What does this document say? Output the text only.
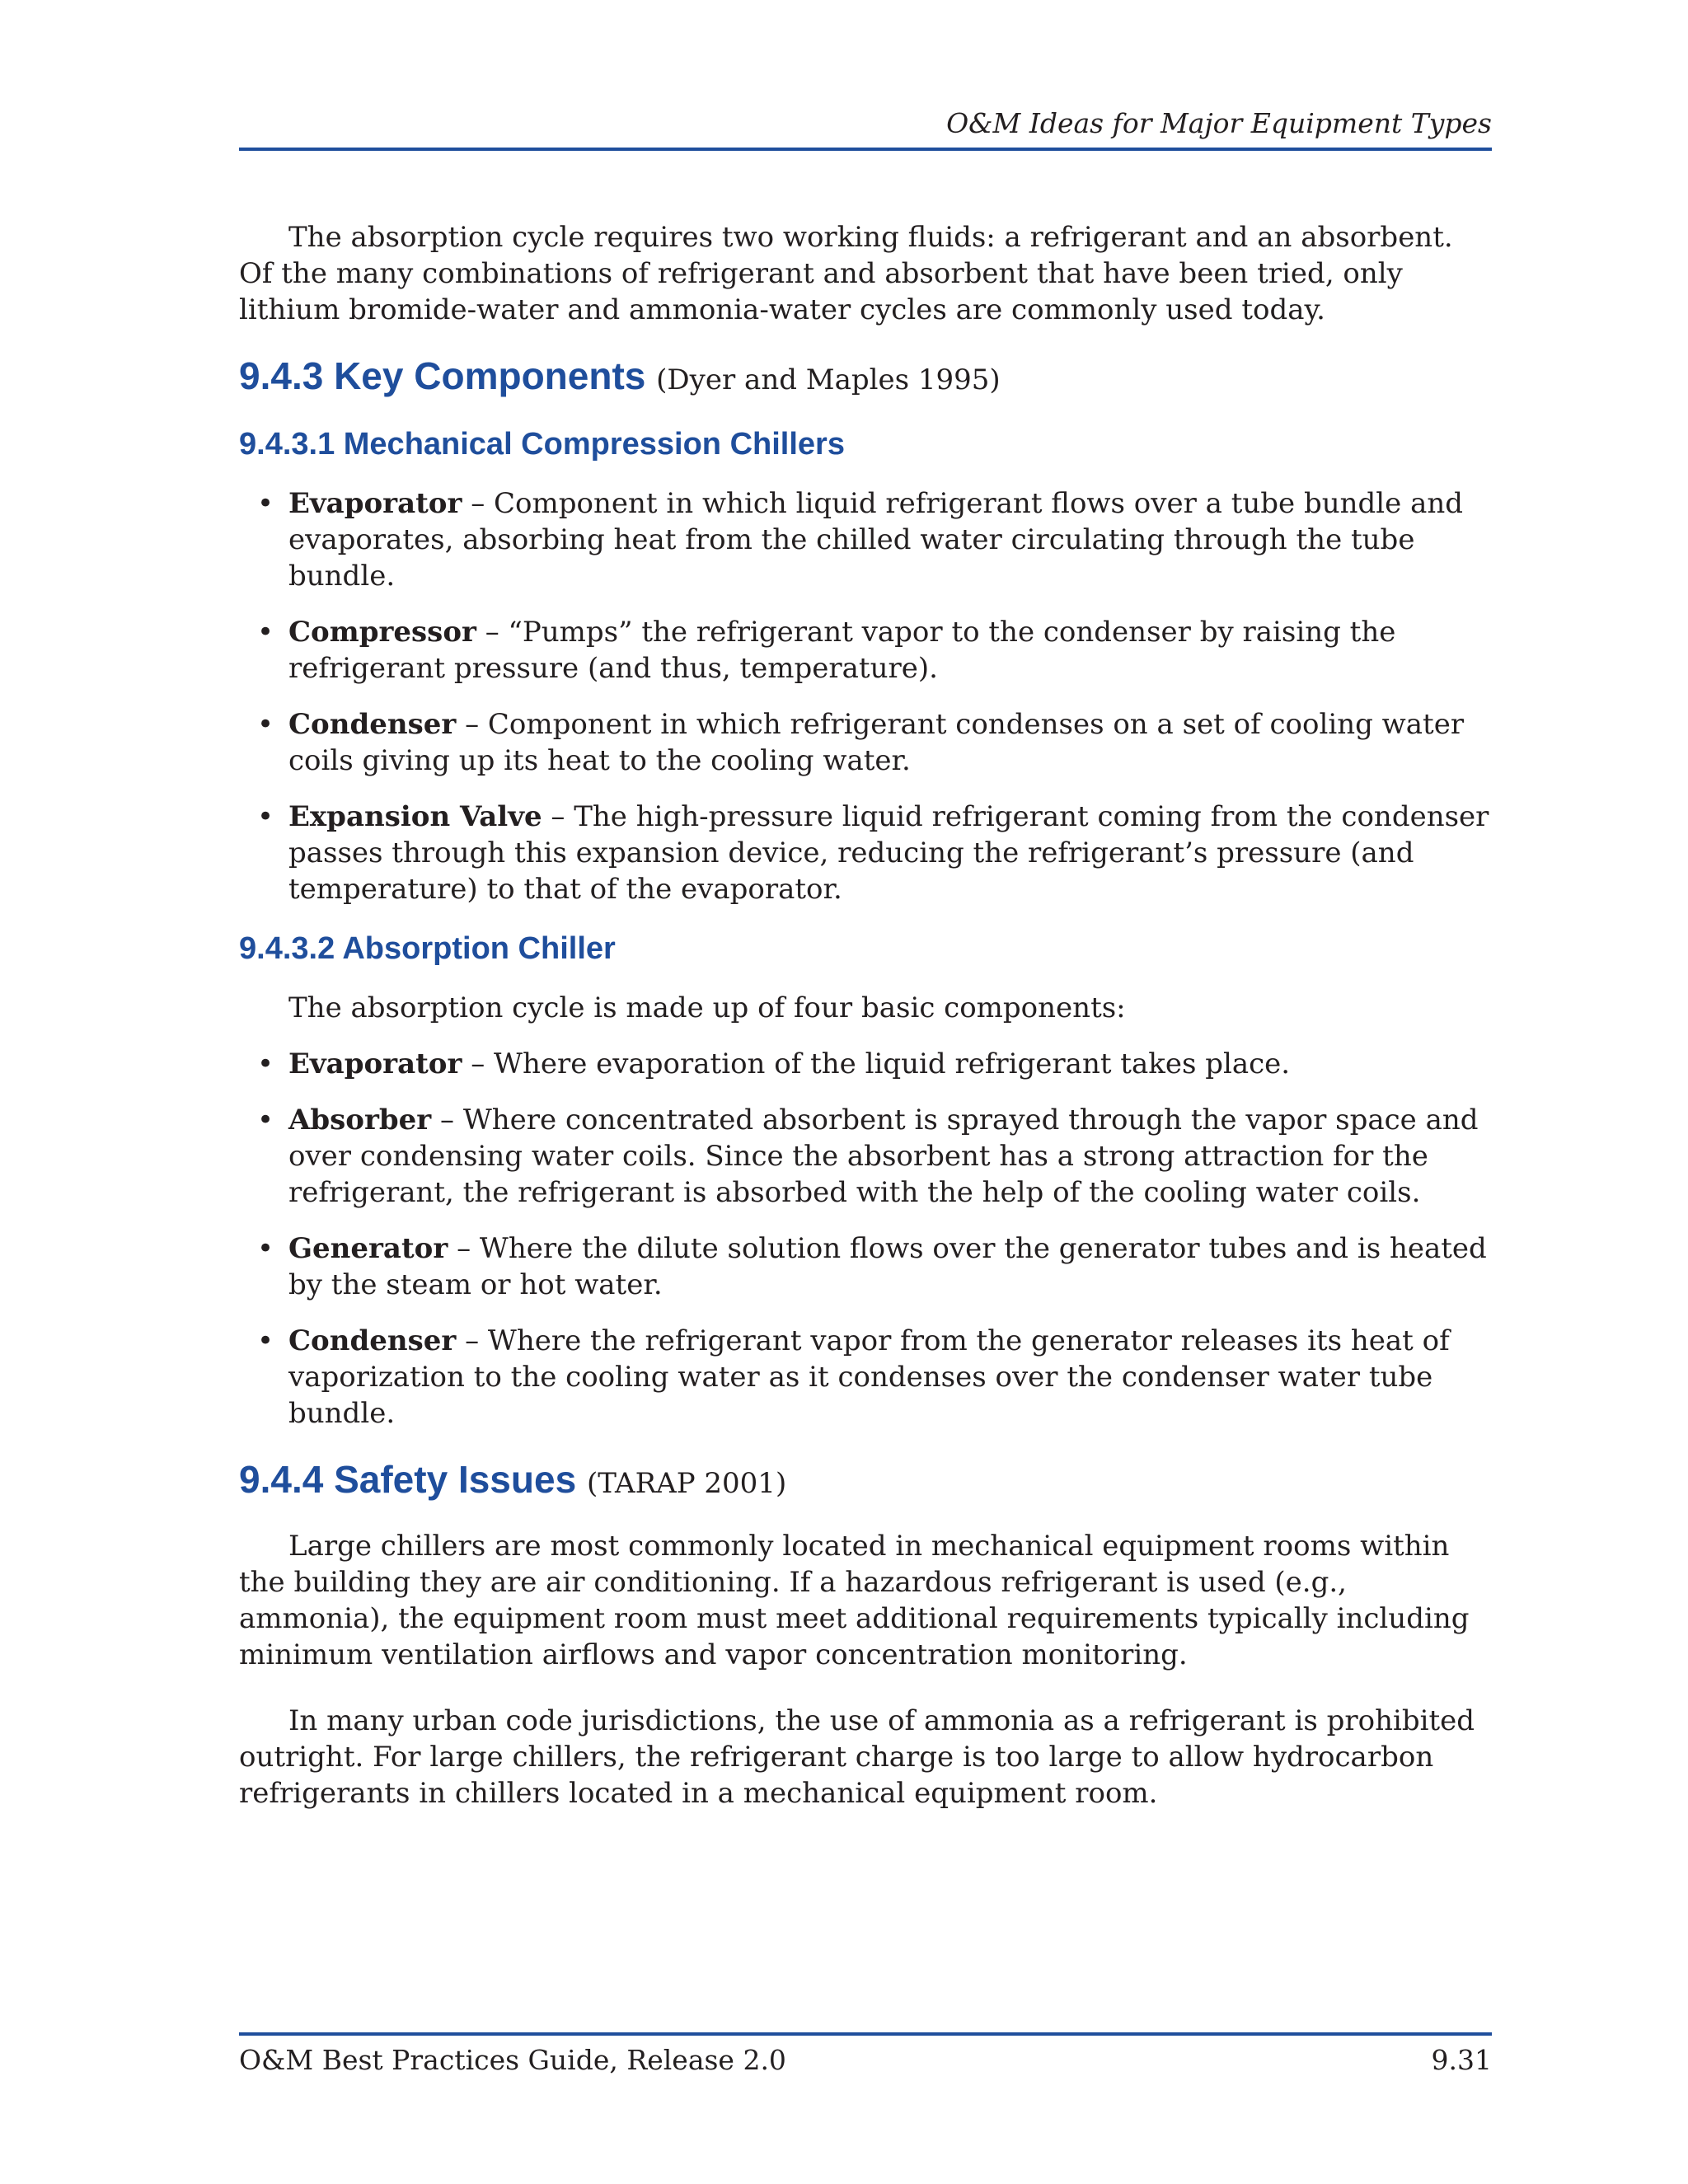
O&M Ideas for Major Equipment Types

The absorption cycle requires two working fluids: a refrigerant and an absorbent. Of the many combinations of refrigerant and absorbent that have been tried, only lithium bromide-water and ammonia-water cycles are commonly used today.

9.4.3 Key Components (Dyer and Maples 1995)
9.4.3.1 Mechanical Compression Chillers
• Evaporator – Component in which liquid refrigerant flows over a tube bundle and evaporates, absorbing heat from the chilled water circulating through the tube bundle.
• Compressor – “Pumps” the refrigerant vapor to the condenser by raising the refrigerant pressure (and thus, temperature).
• Condenser – Component in which refrigerant condenses on a set of cooling water coils giving up its heat to the cooling water.
• Expansion Valve – The high-pressure liquid refrigerant coming from the condenser passes through this expansion device, reducing the refrigerant’s pressure (and temperature) to that of the evaporator.
9.4.3.2 Absorption Chiller

The absorption cycle is made up of four basic components:

• Evaporator – Where evaporation of the liquid refrigerant takes place.
• Absorber – Where concentrated absorbent is sprayed through the vapor space and over condensing water coils. Since the absorbent has a strong attraction for the refrigerant, the refrigerant is absorbed with the help of the cooling water coils.
• Generator – Where the dilute solution flows over the generator tubes and is heated by the steam or hot water.
• Condenser – Where the refrigerant vapor from the generator releases its heat of vaporization to the cooling water as it condenses over the condenser water tube bundle.
9.4.4 Safety Issues (TARAP 2001)

Large chillers are most commonly located in mechanical equipment rooms within the building they are air conditioning. If a hazardous refrigerant is used (e.g., ammonia), the equipment room must meet additional requirements typically including minimum ventilation airflows and vapor concentration monitoring.

In many urban code jurisdictions, the use of ammonia as a refrigerant is prohibited outright. For large chillers, the refrigerant charge is too large to allow hydrocarbon refrigerants in chillers located in a mechanical equipment room.

O&M Best Practices Guide, Release 2.0	9.31
